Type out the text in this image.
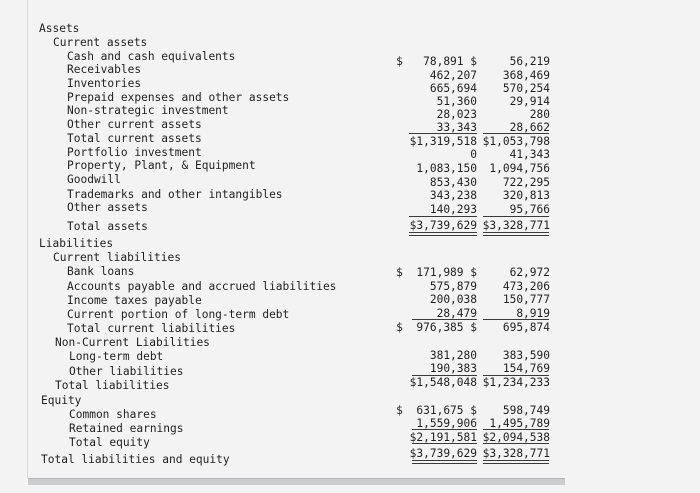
Assets
Current assets
Cash and cash equivalents	$   78,891 $	56,219
Receivables	462,207 368,469
Inventories	665,694 570,254
Prepaid expenses and other assets	51,360	29,914
Non-strategic investment	28,023	280
Other current assets	33,343	28,662
Total current assets	$1,319,518 $1,053,798
Portfolio investment	0	41,343
Property, Plant, & Equipment	1,083,150 1,094,756
Goodwill	853,430 722,295
Trademarks and other intangibles	343,238 320,813
Other assets	140,293	95,766
Total assets	$3,739,629 $3,328,771
Liabilities
Current liabilities
Bank loans	$  171,989 $	62,972
Accounts payable and accrued liabilities	575,879 473,206
Income taxes payable	200,038 150,777
Current portion of long-term debt	28,479	8,919
Total current liabilities	$  976,385 $ 695,874
Non-Current Liabilities
Long-term debt	381,280 383,590
Other liabilities	190,383 154,769
Total liabilities	$1,548,048 $1,234,233
Equity
Common shares	$  631,675 $ 598,749
Retained earnings	1,559,906 1,495,789
Total equity	$2,191,581 $2,094,538
Total liabilities and equity	$3,739,629 $3,328,771
